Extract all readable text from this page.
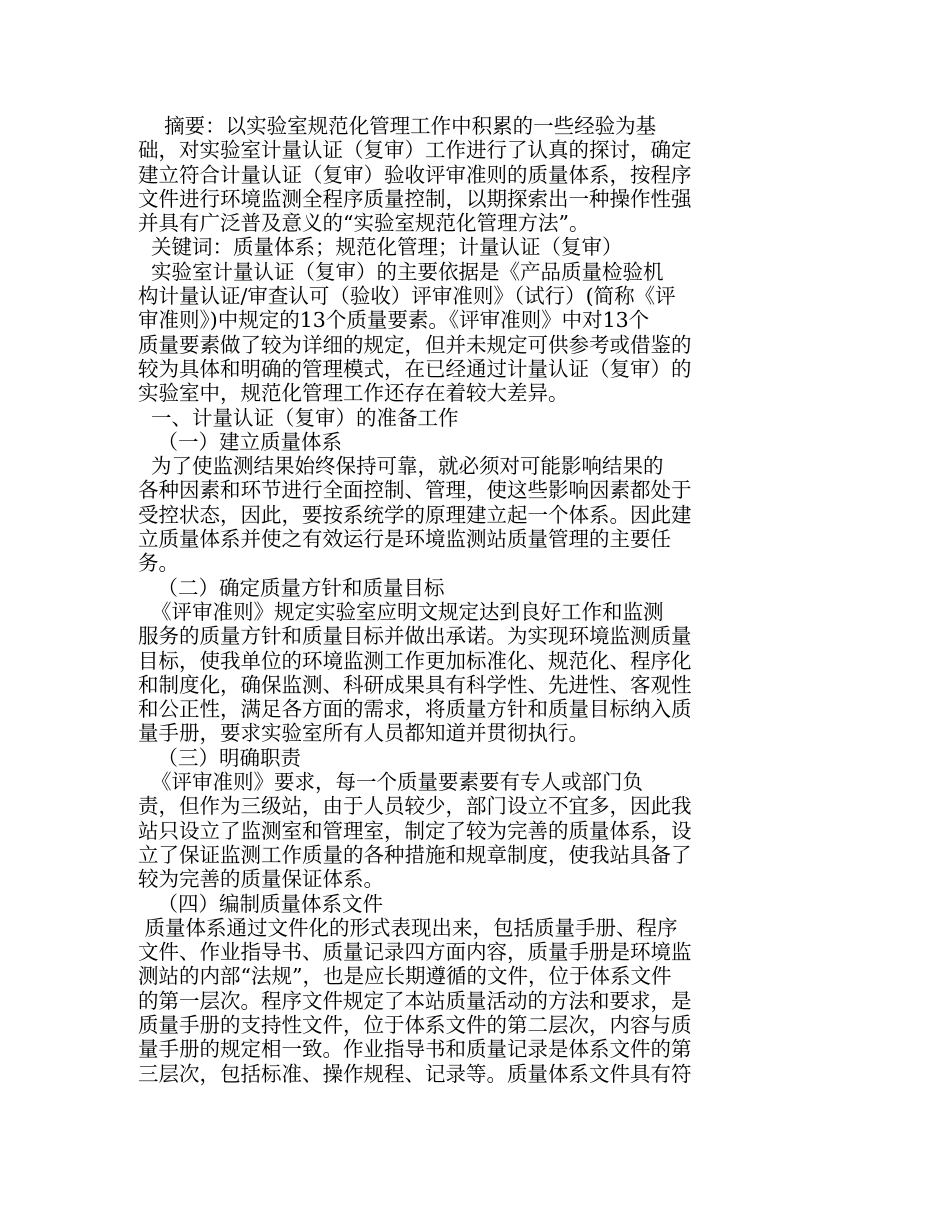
摘要：以实验室规范化管理工作中积累的一些经验为基
础，对实验室计量认证（复审）工作进行了认真的探讨，确定
建立符合计量认证（复审）验收评审准则的质量体系，按程序
文件进行环境监测全程序质量控制，以期探索出一种操作性强
并具有广泛普及意义的“实验室规范化管理方法”。
关键词：质量体系；规范化管理；计量认证（复审）
实验室计量认证（复审）的主要依据是《产品质量检验机
构计量认证/审查认可（验收）评审准则》（试行）(简称《评
审准则》)中规定的13个质量要素。《评审准则》中对13个
质量要素做了较为详细的规定，但并未规定可供参考或借鉴的
较为具体和明确的管理模式，在已经通过计量认证（复审）的
实验室中，规范化管理工作还存在着较大差异。
一、计量认证（复审）的准备工作
（一）建立质量体系
为了使监测结果始终保持可靠，就必须对可能影响结果的
各种因素和环节进行全面控制、管理，使这些影响因素都处于
受控状态，因此，要按系统学的原理建立起一个体系。因此建
立质量体系并使之有效运行是环境监测站质量管理的主要任
务。
（二）确定质量方针和质量目标
《评审准则》规定实验室应明文规定达到良好工作和监测
服务的质量方针和质量目标并做出承诺。为实现环境监测质量
目标，使我单位的环境监测工作更加标准化、规范化、程序化
和制度化，确保监测、科研成果具有科学性、先进性、客观性
和公正性，满足各方面的需求，将质量方针和质量目标纳入质
量手册，要求实验室所有人员都知道并贯彻执行。
（三）明确职责
《评审准则》要求，每一个质量要素要有专人或部门负
责，但作为三级站，由于人员较少，部门设立不宜多，因此我
站只设立了监测室和管理室，制定了较为完善的质量体系，设
立了保证监测工作质量的各种措施和规章制度，使我站具备了
较为完善的质量保证体系。
（四）编制质量体系文件
质量体系通过文件化的形式表现出来，包括质量手册、程序
文件、作业指导书、质量记录四方面内容，质量手册是环境监
测站的内部“法规”，也是应长期遵循的文件，位于体系文件
的第一层次。程序文件规定了本站质量活动的方法和要求，是
质量手册的支持性文件，位于体系文件的第二层次，内容与质
量手册的规定相一致。作业指导书和质量记录是体系文件的第
三层次，包括标准、操作规程、记录等。质量体系文件具有符
